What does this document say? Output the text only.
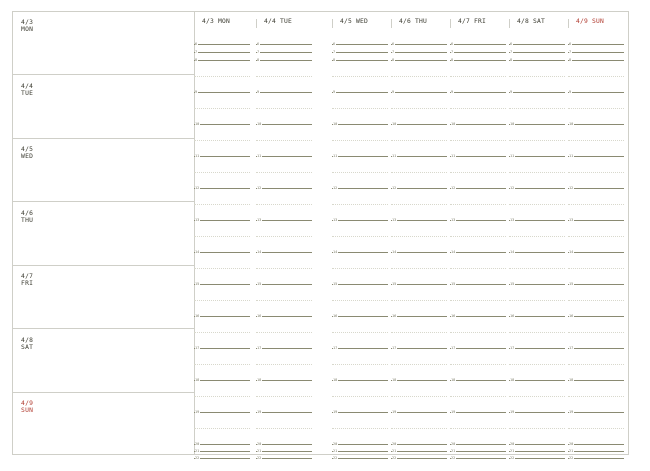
4/3
MON
4/4
TUE
4/5
WED
4/6
THU
4/7
FRI
4/8
SAT
4/9
SUN
4/3 MON
6
7
8
9
10
11
12
13
14
15
16
17
18
19
20
21
22
4/4 TUE
6
7
8
9
10
11
12
13
14
15
16
17
18
19
20
21
22
4/5 WED
6
7
8
9
10
11
12
13
14
15
16
17
18
19
20
21
22
4/6 THU
6
7
8
9
10
11
12
13
14
15
16
17
18
19
20
21
22
4/7 FRI
6
7
8
9
10
11
12
13
14
15
16
17
18
19
20
21
22
4/8 SAT
6
7
8
9
10
11
12
13
14
15
16
17
18
19
20
21
22
4/9 SUN
6
7
8
9
10
11
12
13
14
15
16
17
18
19
20
21
22
